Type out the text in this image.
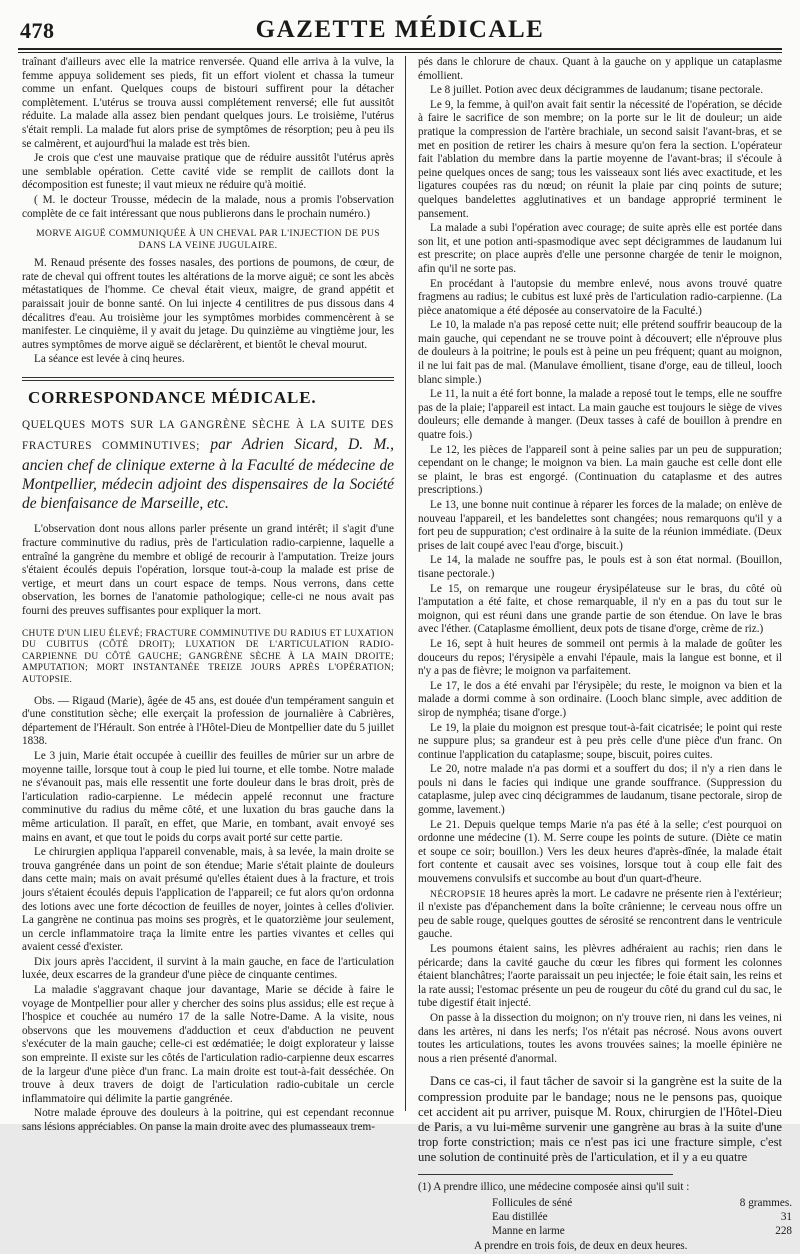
478	GAZETTE MÉDICALE

traînant d'ailleurs avec elle la matrice renversée. Quand elle arriva à la vulve, la femme appuya solidement ses pieds, fit un effort violent et chassa la tumeur comme un enfant. Quelques coups de bistouri suffirent pour la détacher complètement. L'utérus se trouva aussi complétement renversé; elle fut aussitôt réduite. La malade alla assez bien pendant quelques jours. Le troisième, l'utérus s'était rempli. La malade fut alors prise de symptômes de résorption; peu à peu ils se calmèrent, et aujourd'hui la malade est très bien.

Je crois que c'est une mauvaise pratique que de réduire aussitôt l'utérus après une semblable opération. Cette cavité vide se remplit de caillots dont la décomposition est funeste; il vaut mieux ne réduire qu'à moitié.

( M. le docteur Trousse, médecin de la malade, nous a promis l'observation complète de ce fait intéressant que nous publierons dans le prochain numéro.)

MORVE AIGUË COMMUNIQUÉE À UN CHEVAL PAR L'INJECTION DE PUS DANS LA VEINE JUGULAIRE.

M. Renaud présente des fosses nasales, des portions de poumons, de cœur, de rate de cheval qui offrent toutes les altérations de la morve aiguë; ce sont les abcès métastatiques de l'homme. Ce cheval était vieux, maigre, de grand appétit et paraissait jouir de bonne santé. On lui injecte 4 centilitres de pus dissous dans 4 décalitres d'eau. Au troisième jour les symptômes morbides commencèrent à se manifester. Le cinquième, il y avait du jetage. Du quinzième au vingtième jour, les autres symptômes de morve aiguë se déclarèrent, et bientôt le cheval mourut.

La séance est levée à cinq heures.

CORRESPONDANCE MÉDICALE.

QUELQUES MOTS SUR LA GANGRÈNE SÈCHE À LA SUITE DES FRACTURES COMMINUTIVES; par Adrien Sicard, D. M., ancien chef de clinique externe à la Faculté de médecine de Montpellier, médecin adjoint des dispensaires de la Société de bienfaisance de Marseille, etc.

L'observation dont nous allons parler présente un grand intérêt; il s'agit d'une fracture comminutive du radius, près de l'articulation radio-carpienne, laquelle a entraîné la gangrène du membre et obligé de recourir à l'amputation. Treize jours s'étaient écoulés depuis l'opération, lorsque tout-à-coup la malade est prise de vertige, et meurt dans un court espace de temps. Nous verrons, dans cette observation, les bornes de l'anatomie pathologique; celle-ci ne nous avait pas fourni des preuves suffisantes pour expliquer la mort.

CHUTE D'UN LIEU ÉLEVÉ; FRACTURE COMMINUTIVE DU RADIUS ET LUXATION DU CUBITUS (CÔTÉ DROIT); LUXATION DE L'ARTICULATION RADIO-CARPIENNE DU CÔTÉ GAUCHE; GANGRÈNE SÈCHE À LA MAIN DROITE; AMPUTATION; MORT INSTANTANÉE TREIZE JOURS APRÈS L'OPÉRATION; AUTOPSIE.

Obs. — Rigaud (Marie), âgée de 45 ans, est douée d'un tempérament sanguin et d'une constitution sèche; elle exerçait la profession de journalière à Cabrières, département de l'Hérault. Son entrée à l'Hôtel-Dieu de Montpellier date du 5 juillet 1838.

Le 3 juin, Marie était occupée à cueillir des feuilles de mûrier sur un arbre de moyenne taille, lorsque tout à coup le pied lui tourne, et elle tombe. Notre malade ne s'évanouit pas, mais elle ressentit une forte douleur dans le bras droit, près de l'articulation radio-carpienne. Le médecin appelé reconnut une fracture comminutive du radius du même côté, et une luxation du bras gauche dans la même articulation. Il paraît, en effet, que Marie, en tombant, avait envoyé ses mains en avant, et que tout le poids du corps avait porté sur cette partie.

Le chirurgien appliqua l'appareil convenable, mais, à sa levée, la main droite se trouva gangrénée dans un point de son étendue; Marie s'était plainte de douleurs dans cette main; mais on avait présumé qu'elles étaient dues à la fracture, et trois jours s'étaient écoulés depuis l'application de l'appareil; ce fut alors qu'on ordonna des lotions avec une forte décoction de feuilles de noyer, jointes à celles d'olivier. La gangrène ne continua pas moins ses progrès, et le quatorzième jour seulement, un cercle inflammatoire traça la limite entre les parties vivantes et celles qui avaient cessé d'exister.

Dix jours après l'accident, il survint à la main gauche, en face de l'articulation luxée, deux escarres de la grandeur d'une pièce de cinquante centimes.

La maladie s'aggravant chaque jour davantage, Marie se décide à faire le voyage de Montpellier pour aller y chercher des soins plus assidus; elle est reçue à l'hospice et couchée au numéro 17 de la salle Notre-Dame. A la visite, nous observons que les mouvemens d'adduction et ceux d'abduction ne peuvent s'exécuter de la main gauche; celle-ci est œdématiée; le doigt explorateur y laisse son empreinte. Il existe sur les côtés de l'articulation radio-carpienne deux escarres de la largeur d'une pièce d'un franc. La main droite est tout-à-fait desséchée. On trouve à deux travers de doigt de l'articulation radio-cubitale un cercle inflammatoire qui délimite la partie gangrénée.

Notre malade éprouve des douleurs à la poitrine, qui est cependant reconnue sans lésions appréciables. On panse la main droite avec des plumasseaux trem-

pés dans le chlorure de chaux. Quant à la gauche on y applique un cataplasme émollient.

Le 8 juillet. Potion avec deux décigrammes de laudanum; tisane pectorale.

Le 9, la femme, à quil'on avait fait sentir la nécessité de l'opération, se décide à faire le sacrifice de son membre; on la porte sur le lit de douleur; un aide pratique la compression de l'artère brachiale, un second saisit l'avant-bras, et se met en position de retirer les chairs à mesure qu'on fera la section. L'opérateur fait l'ablation du membre dans la partie moyenne de l'avant-bras; il s'écoule à peine quelques onces de sang; tous les vaisseaux sont liés avec exactitude, et les ligatures coupées ras du nœud; on réunit la plaie par cinq points de suture; quelques bandelettes agglutinatives et un bandage approprié terminent le pansement.

La malade a subi l'opération avec courage; de suite après elle est portée dans son lit, et une potion anti-spasmodique avec sept décigrammes de laudanum lui est prescrite; on place auprès d'elle une personne chargée de tenir le moignon, afin qu'il ne sorte pas.

En procédant à l'autopsie du membre enlevé, nous avons trouvé quatre fragmens au radius; le cubitus est luxé près de l'articulation radio-carpienne. (La pièce anatomique a été déposée au conservatoire de la Faculté.)

Le 10, la malade n'a pas reposé cette nuit; elle prétend souffrir beaucoup de la main gauche, qui cependant ne se trouve point à découvert; elle n'éprouve plus de douleurs à la poitrine; le pouls est à peine un peu fréquent; quant au moignon, il ne lui fait pas de mal. (Manulave émollient, tisane d'orge, eau de tilleul, looch blanc simple.)

Le 11, la nuit a été fort bonne, la malade a reposé tout le temps, elle ne souffre pas de la plaie; l'appareil est intact. La main gauche est toujours le siège de vives douleurs; elle demande à manger. (Deux tasses à café de bouillon à prendre en quatre fois.)

Le 12, les pièces de l'appareil sont à peine salies par un peu de suppuration; cependant on le change; le moignon va bien. La main gauche est celle dont elle se plaint, le bras est engorgé. (Continuation du cataplasme et des autres prescriptions.)

Le 13, une bonne nuit continue à réparer les forces de la malade; on enlève de nouveau l'appareil, et les bandelettes sont changées; nous remarquons qu'il y a fort peu de suppuration; c'est ordinaire à la suite de la réunion immédiate. (Deux prises de lait coupé avec l'eau d'orge, biscuit.)

Le 14, la malade ne souffre pas, le pouls est à son état normal. (Bouillon, tisane pectorale.)

Le 15, on remarque une rougeur érysipélateuse sur le bras, du côté où l'amputation a été faite, et chose remarquable, il n'y en a pas du tout sur le moignon, qui est réuni dans une grande partie de son étendue. On lave le bras avec l'éther. (Cataplasme émollient, deux pots de tisane d'orge, crème de riz.)

Le 16, sept à huit heures de sommeil ont permis à la malade de goûter les douceurs du repos; l'érysipèle a envahi l'épaule, mais la langue est bonne, et il n'y a pas de fièvre; le moignon va parfaitement.

Le 17, le dos a été envahi par l'érysipèle; du reste, le moignon va bien et la malade a dormi comme à son ordinaire. (Looch blanc simple, avec addition de sirop de nymphéa; tisane d'orge.)

Le 19, la plaie du moignon est presque tout-à-fait cicatrisée; le point qui reste ne suppure plus; sa grandeur est à peu près celle d'une pièce d'un franc. On continue l'application du cataplasme; soupe, biscuit, poires cuites.

Le 20, notre malade n'a pas dormi et a souffert du dos; il n'y a rien dans le pouls ni dans le facies qui indique une grande souffrance. (Suppression du cataplasme, julep avec cinq décigrammes de laudanum, tisane pectorale, sirop de gomme, lavement.)

Le 21. Depuis quelque temps Marie n'a pas été à la selle; c'est pourquoi on ordonne une médecine (1). M. Serre coupe les points de suture. (Diète ce matin et soupe ce soir; bouillon.) Vers les deux heures d'après-dînée, la malade était fort contente et causait avec ses voisines, lorsque tout à coup elle fait des mouvemens convulsifs et succombe au bout d'un quart-d'heure.

NÉCROPSIE 18 heures après la mort. Le cadavre ne présente rien à l'extérieur; il n'existe pas d'épanchement dans la boîte crânienne; le cerveau nous offre un peu de sable rouge, quelques gouttes de sérosité se rencontrent dans le ventricule gauche.

Les poumons étaient sains, les plèvres adhéraient au rachis; rien dans le péricarde; dans la cavité gauche du cœur les fibres qui forment les colonnes étaient blanchâtres; l'aorte paraissait un peu injectée; le foie était sain, les reins et la rate aussi; l'estomac présente un peu de rougeur du côté du grand cul du sac, le tube digestif était injecté.

On passe à la dissection du moignon; on n'y trouve rien, ni dans les veines, ni dans les artères, ni dans les nerfs; l'os n'était pas nécrosé. Nous avons ouvert toutes les articulations, toutes les avons trouvées saines; la moelle épinière ne nous a rien présenté d'anormal.

Dans ce cas-ci, il faut tâcher de savoir si la gangrène est la suite de la compression produite par le bandage; nous ne le pensons pas, quoique cet accident ait pu arriver, puisque M. Roux, chirurgien de l'Hôtel-Dieu de Paris, a vu lui-même survenir une gangrène au bras à la suite d'une trop forte constriction; mais ce n'est pas ici une fracture simple, c'est une solution de continuité près de l'articulation, et il y a eu quatre

(1) A prendre illico, une médecine composée ainsi qu'il suit :

Follicules de séné	8 grammes.
Eau distillée	31
Manne en larme	228

A prendre en trois fois, de deux en deux heures.
